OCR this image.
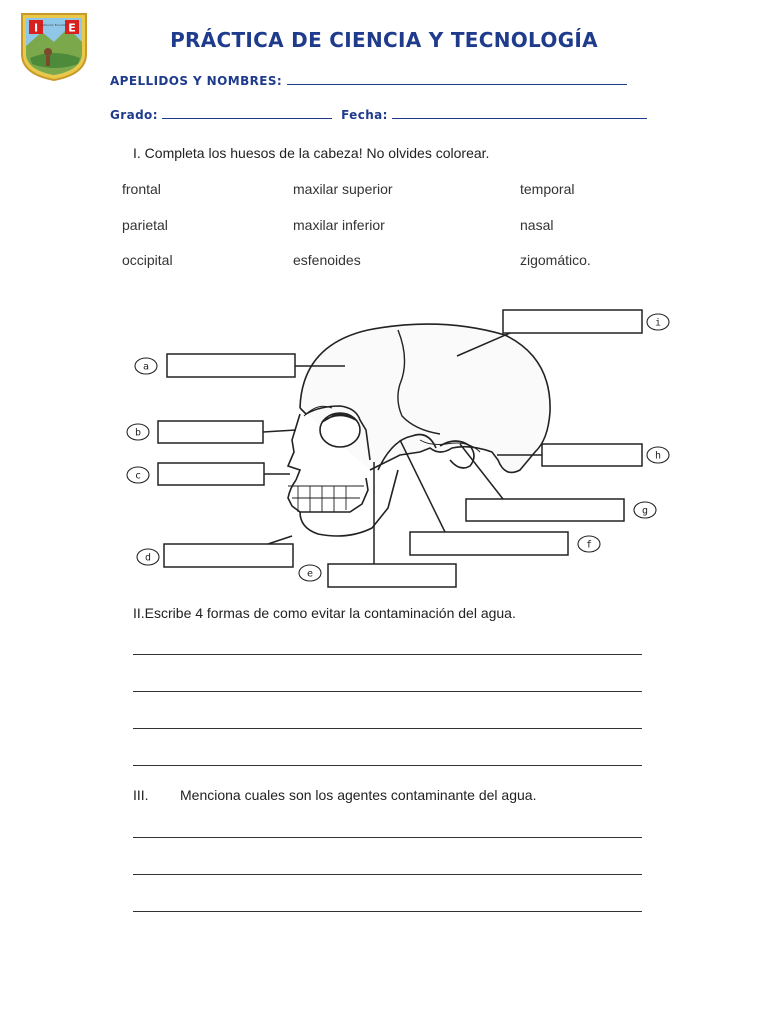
I	E
Institución Educativa
PRÁCTICA DE CIENCIA Y TECNOLOGÍA
APELLIDOS Y NOMBRES:
Grado:	Fecha:
I. Completa los huesos de la cabeza! No olvides colorear.
frontal	maxilar superior	temporal
parietal	maxilar inferior	nasal
occipital	esfenoides	zigomático.
a
b
c
d
e
f
g
h
i
II.Escribe 4 formas de como evitar la contaminación del agua.
III. Menciona cuales son los agentes contaminante del agua.
